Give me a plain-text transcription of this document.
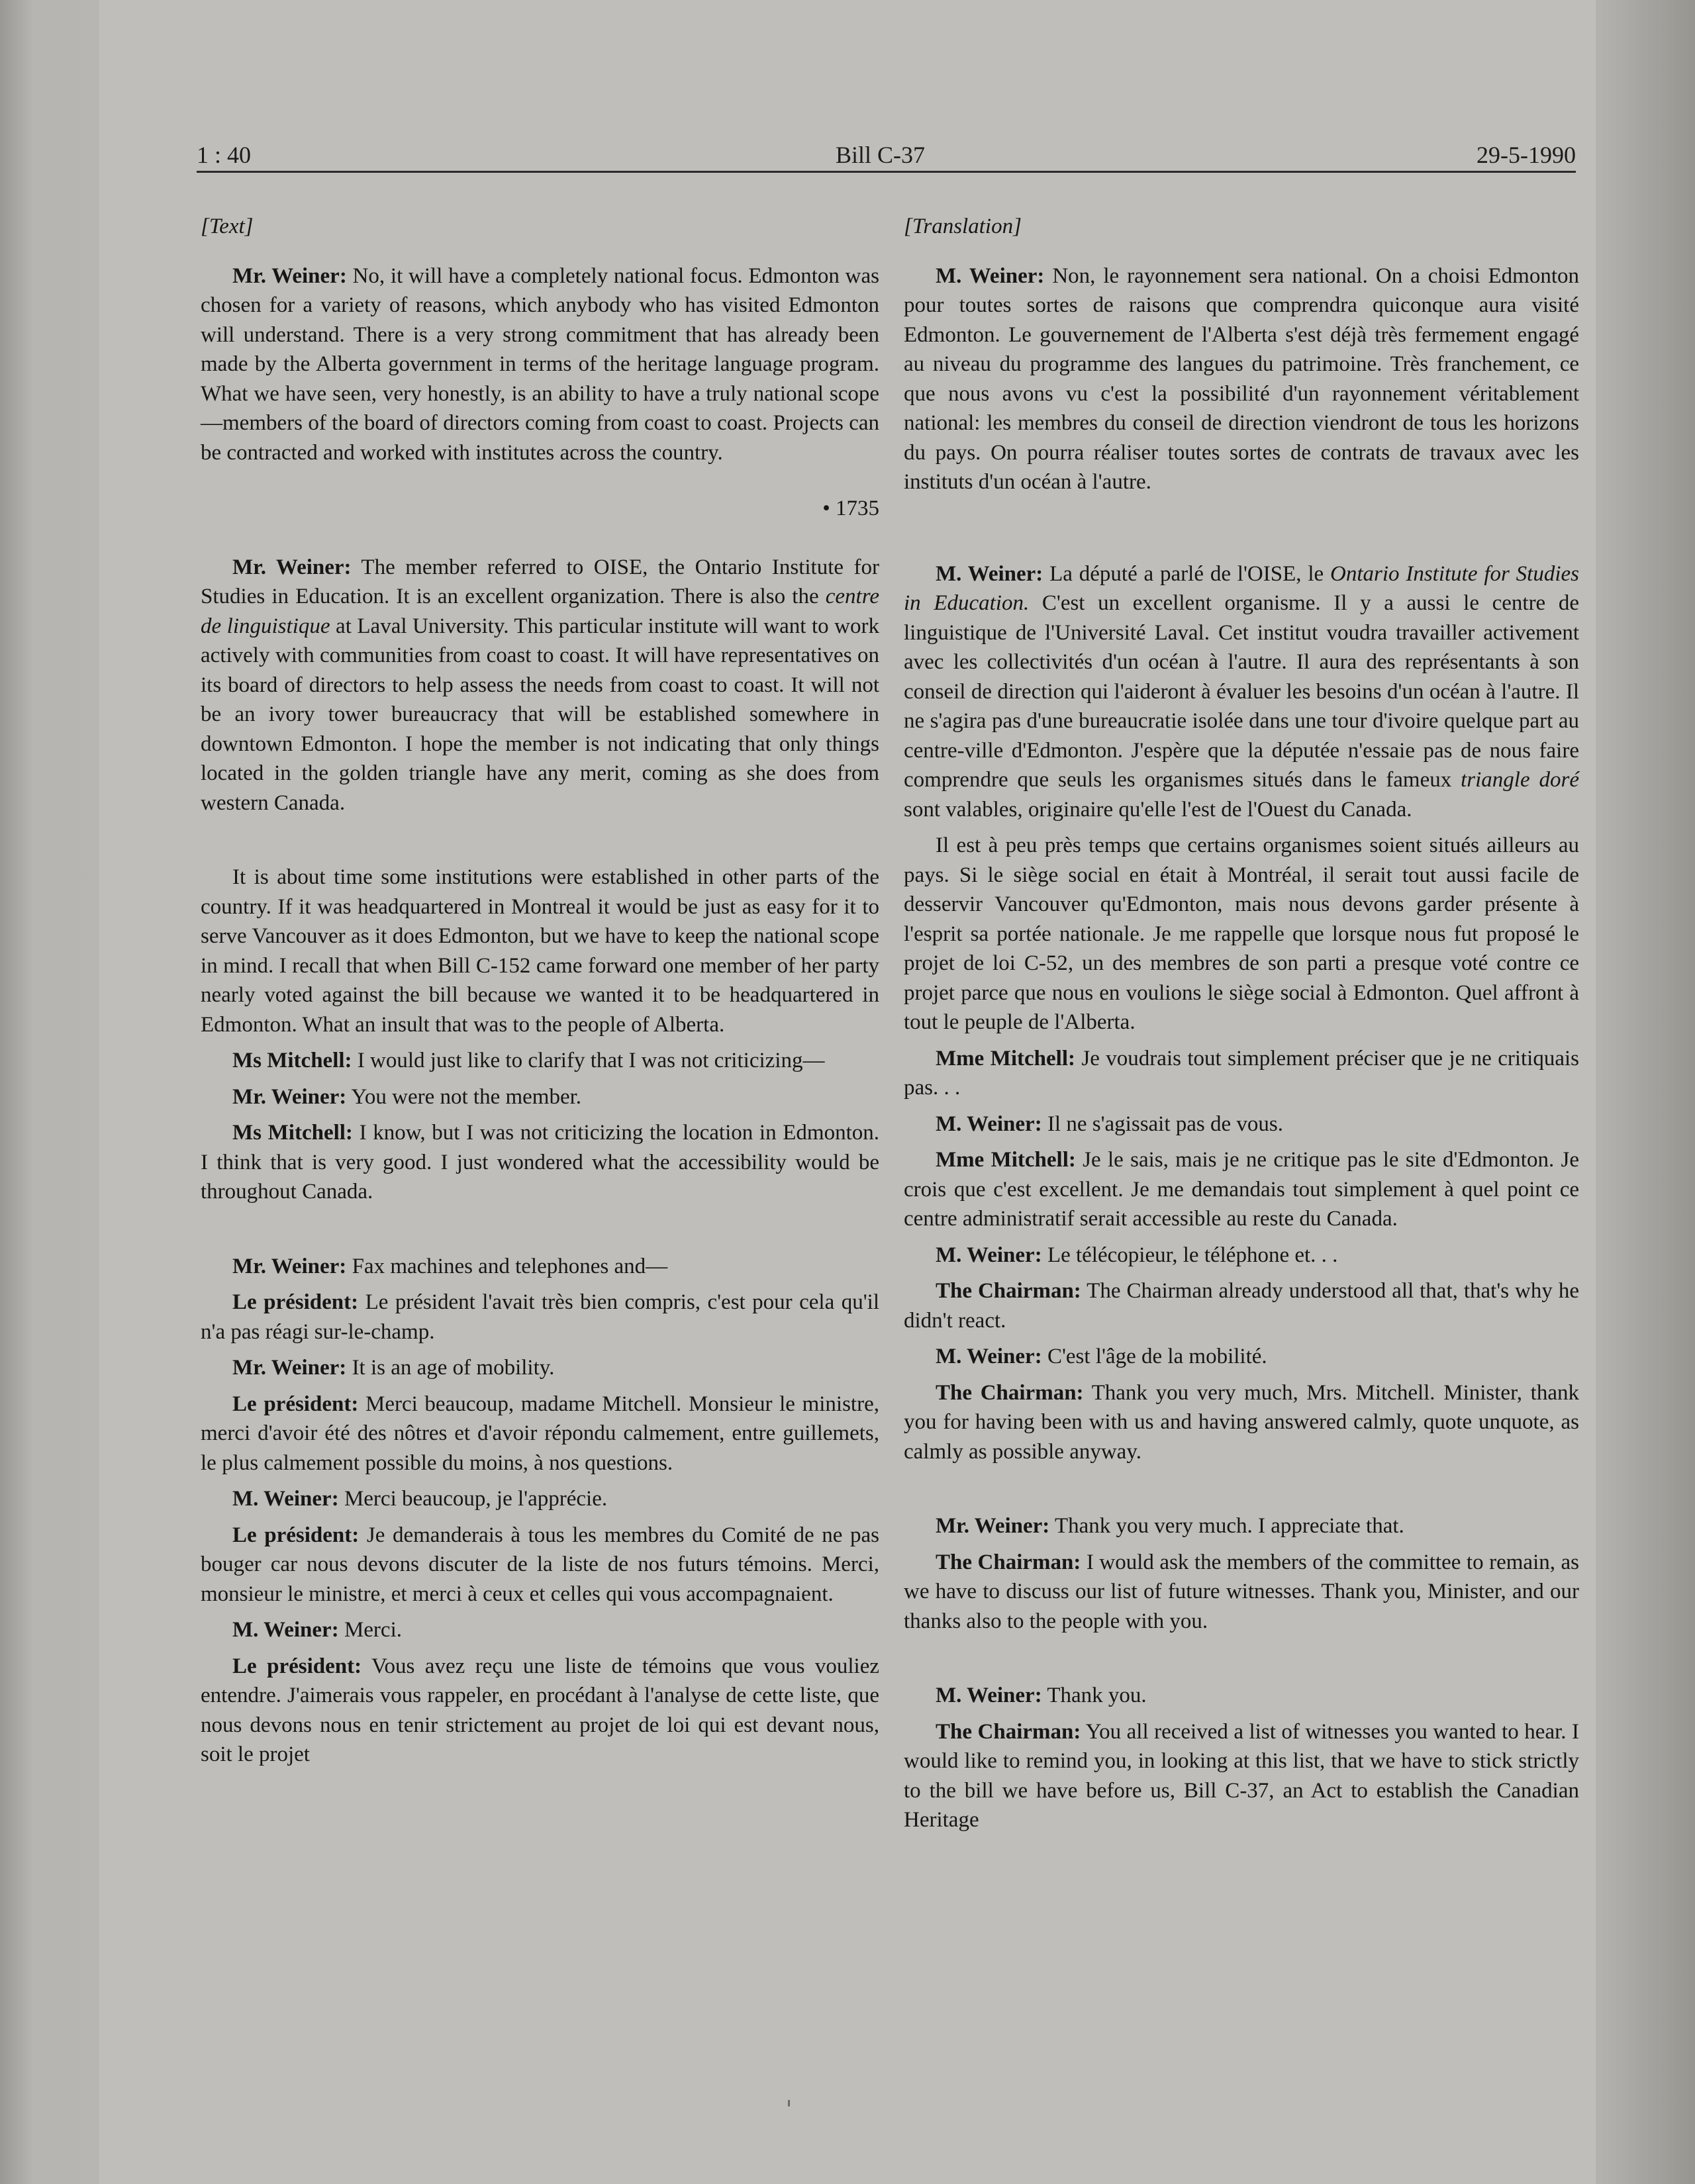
1 : 40	Bill C-37	29-5-1990

[Text]

Mr. Weiner: No, it will have a completely national focus. Edmonton was chosen for a variety of reasons, which anybody who has visited Edmonton will understand. There is a very strong commitment that has already been made by the Alberta government in terms of the heritage language program. What we have seen, very honestly, is an ability to have a truly national scope—members of the board of directors coming from coast to coast. Projects can be contracted and worked with institutes across the country.

• 1735

Mr. Weiner: The member referred to OISE, the Ontario Institute for Studies in Education. It is an excellent organization. There is also the centre de linguistique at Laval University. This particular institute will want to work actively with communities from coast to coast. It will have representatives on its board of directors to help assess the needs from coast to coast. It will not be an ivory tower bureaucracy that will be established somewhere in downtown Edmonton. I hope the member is not indicating that only things located in the golden triangle have any merit, coming as she does from western Canada.

It is about time some institutions were established in other parts of the country. If it was headquartered in Montreal it would be just as easy for it to serve Vancouver as it does Edmonton, but we have to keep the national scope in mind. I recall that when Bill C-152 came forward one member of her party nearly voted against the bill because we wanted it to be headquartered in Edmonton. What an insult that was to the people of Alberta.

Ms Mitchell: I would just like to clarify that I was not criticizing—

Mr. Weiner: You were not the member.

Ms Mitchell: I know, but I was not criticizing the location in Edmonton. I think that is very good. I just wondered what the accessibility would be throughout Canada.

Mr. Weiner: Fax machines and telephones and—

Le président: Le président l'avait très bien compris, c'est pour cela qu'il n'a pas réagi sur-le-champ.

Mr. Weiner: It is an age of mobility.

Le président: Merci beaucoup, madame Mitchell. Monsieur le ministre, merci d'avoir été des nôtres et d'avoir répondu calmement, entre guillemets, le plus calmement possible du moins, à nos questions.

M. Weiner: Merci beaucoup, je l'apprécie.

Le président: Je demanderais à tous les membres du Comité de ne pas bouger car nous devons discuter de la liste de nos futurs témoins. Merci, monsieur le ministre, et merci à ceux et celles qui vous accompagnaient.

M. Weiner: Merci.

Le président: Vous avez reçu une liste de témoins que vous vouliez entendre. J'aimerais vous rappeler, en procédant à l'analyse de cette liste, que nous devons nous en tenir strictement au projet de loi qui est devant nous, soit le projet

[Translation]

M. Weiner: Non, le rayonnement sera national. On a choisi Edmonton pour toutes sortes de raisons que comprendra quiconque aura visité Edmonton. Le gouvernement de l'Alberta s'est déjà très fermement engagé au niveau du programme des langues du patrimoine. Très franchement, ce que nous avons vu c'est la possibilité d'un rayonnement véritablement national: les membres du conseil de direction viendront de tous les horizons du pays. On pourra réaliser toutes sortes de contrats de travaux avec les instituts d'un océan à l'autre.

M. Weiner: La député a parlé de l'OISE, le Ontario Institute for Studies in Education. C'est un excellent organisme. Il y a aussi le centre de linguistique de l'Université Laval. Cet institut voudra travailler activement avec les collectivités d'un océan à l'autre. Il aura des représentants à son conseil de direction qui l'aideront à évaluer les besoins d'un océan à l'autre. Il ne s'agira pas d'une bureaucratie isolée dans une tour d'ivoire quelque part au centre-ville d'Edmonton. J'espère que la députée n'essaie pas de nous faire comprendre que seuls les organismes situés dans le fameux triangle doré sont valables, originaire qu'elle l'est de l'Ouest du Canada.

Il est à peu près temps que certains organismes soient situés ailleurs au pays. Si le siège social en était à Montréal, il serait tout aussi facile de desservir Vancouver qu'Edmonton, mais nous devons garder présente à l'esprit sa portée nationale. Je me rappelle que lorsque nous fut proposé le projet de loi C-52, un des membres de son parti a presque voté contre ce projet parce que nous en voulions le siège social à Edmonton. Quel affront à tout le peuple de l'Alberta.

Mme Mitchell: Je voudrais tout simplement préciser que je ne critiquais pas. . .

M. Weiner: Il ne s'agissait pas de vous.

Mme Mitchell: Je le sais, mais je ne critique pas le site d'Edmonton. Je crois que c'est excellent. Je me demandais tout simplement à quel point ce centre administratif serait accessible au reste du Canada.

M. Weiner: Le télécopieur, le téléphone et. . .

The Chairman: The Chairman already understood all that, that's why he didn't react.

M. Weiner: C'est l'âge de la mobilité.

The Chairman: Thank you very much, Mrs. Mitchell. Minister, thank you for having been with us and having answered calmly, quote unquote, as calmly as possible anyway.

Mr. Weiner: Thank you very much. I appreciate that.

The Chairman: I would ask the members of the committee to remain, as we have to discuss our list of future witnesses. Thank you, Minister, and our thanks also to the people with you.

M. Weiner: Thank you.

The Chairman: You all received a list of witnesses you wanted to hear. I would like to remind you, in looking at this list, that we have to stick strictly to the bill we have before us, Bill C-37, an Act to establish the Canadian Heritage
